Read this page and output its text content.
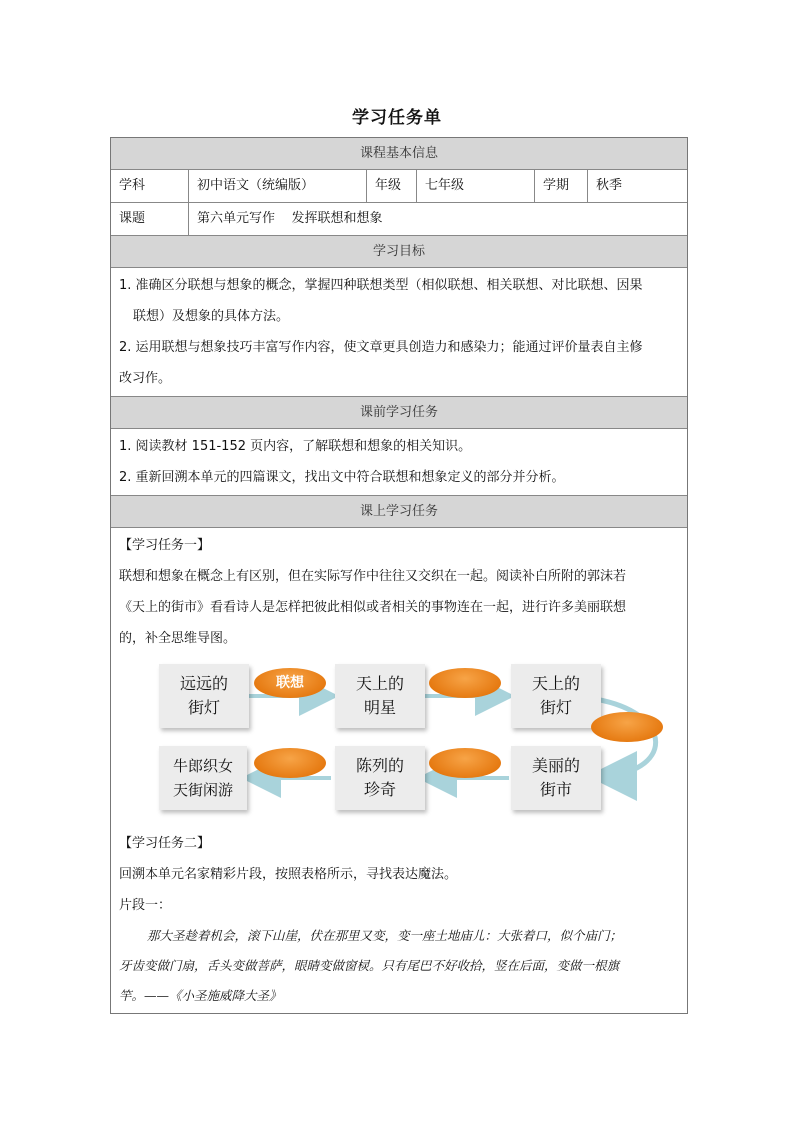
学习任务单
课程基本信息
学科	初中语文（统编版）	年级	七年级	学期	秋季
课题	第六单元写作    发挥联想和想象
学习目标

1. 准确区分联想与想象的概念，掌握四种联想类型（相似联想、相关联想、对比联想、因果

联想）及想象的具体方法。

2. 运用联想与想象技巧丰富写作内容，使文章更具创造力和感染力；能通过评价量表自主修

改习作。

课前学习任务

1. 阅读教材 151-152 页内容，了解联想和想象的相关知识。

2. 重新回溯本单元的四篇课文，找出文中符合联想和想象定义的部分并分析。

课上学习任务

【学习任务一】

联想和想象在概念上有区别，但在实际写作中往往又交织在一起。阅读补白所附的郭沫若

《天上的街市》看看诗人是怎样把彼此相似或者相关的事物连在一起，进行许多美丽联想

的，补全思维导图。

远远的
街灯
天上的
明星
天上的
街灯
美丽的
街市
陈列的
珍奇
牛郎织女
天街闲游
联想

【学习任务二】

回溯本单元名家精彩片段，按照表格所示，寻找表达魔法。

片段一：

那大圣趁着机会，滚下山崖，伏在那里又变，变一座土地庙儿：大张着口，似个庙门；

牙齿变做门扇，舌头变做菩萨，眼睛变做窗棂。只有尾巴不好收拾，竖在后面，变做一根旗

竿。——《小圣施威降大圣》
